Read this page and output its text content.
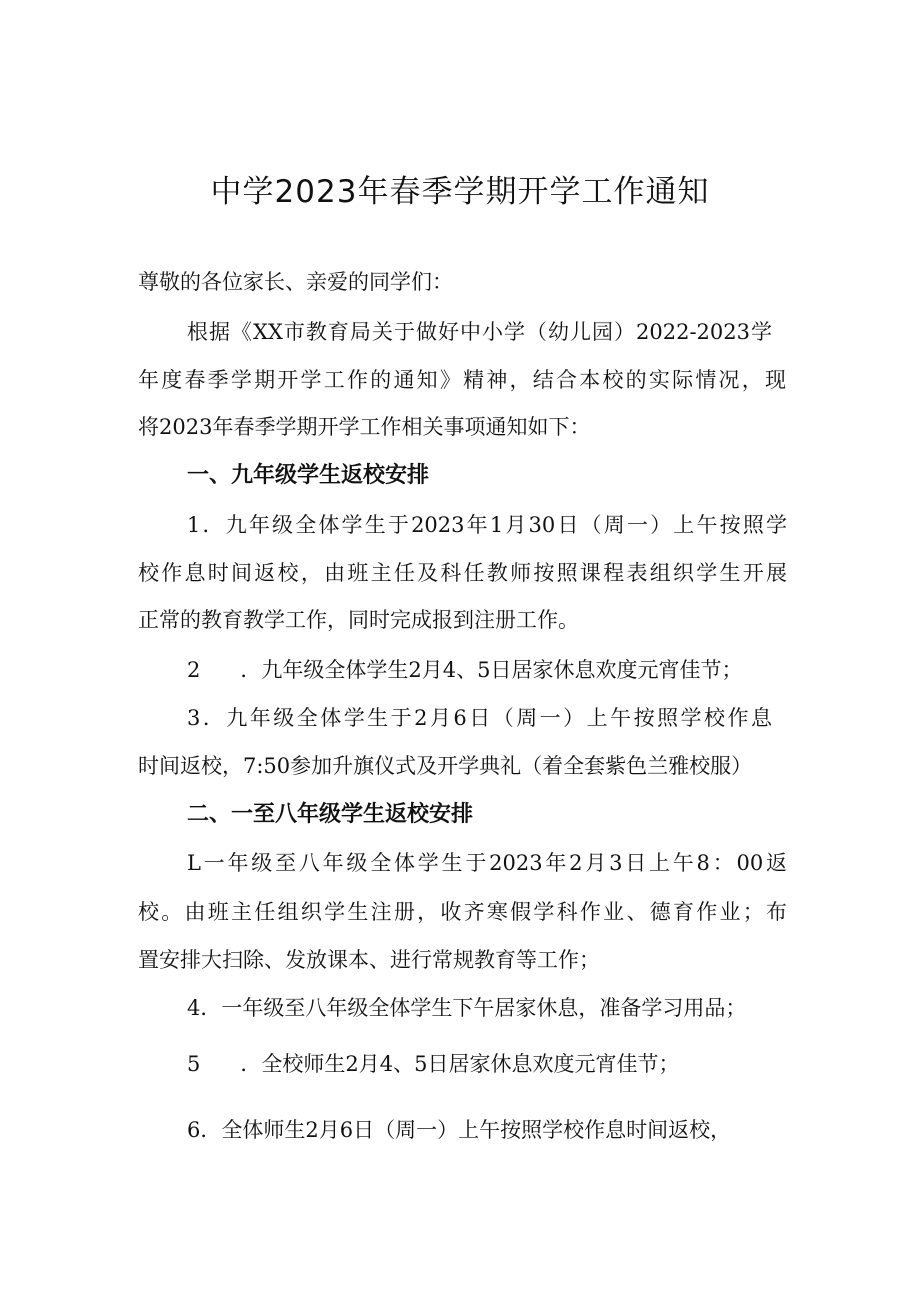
中学2023年春季学期开学工作通知
尊敬的各位家长、亲爱的同学们：
根据《XX市教育局关于做好中小学（幼儿园）2022-2023学
年度春季学期开学工作的通知》精神，结合本校的实际情况，现
将2023年春季学期开学工作相关事项通知如下：
一、九年级学生返校安排
1．九年级全体学生于2023年1月30日（周一）上午按照学
校作息时间返校，由班主任及科任教师按照课程表组织学生开展
正常的教育教学工作，同时完成报到注册工作。
2 ．九年级全体学生2月4、5日居家休息欢度元宵佳节；
3．九年级全体学生于2月6日（周一）上午按照学校作息
时间返校，7:50参加升旗仪式及开学典礼（着全套紫色兰雅校服）
二、一至八年级学生返校安排
L一年级至八年级全体学生于2023年2月3日上午8：00返
校。由班主任组织学生注册，收齐寒假学科作业、德育作业；布
置安排大扫除、发放课本、进行常规教育等工作；
4．一年级至八年级全体学生下午居家休息，准备学习用品；
5 ．全校师生2月4、5日居家休息欢度元宵佳节；
6．全体师生2月6日（周一）上午按照学校作息时间返校，
